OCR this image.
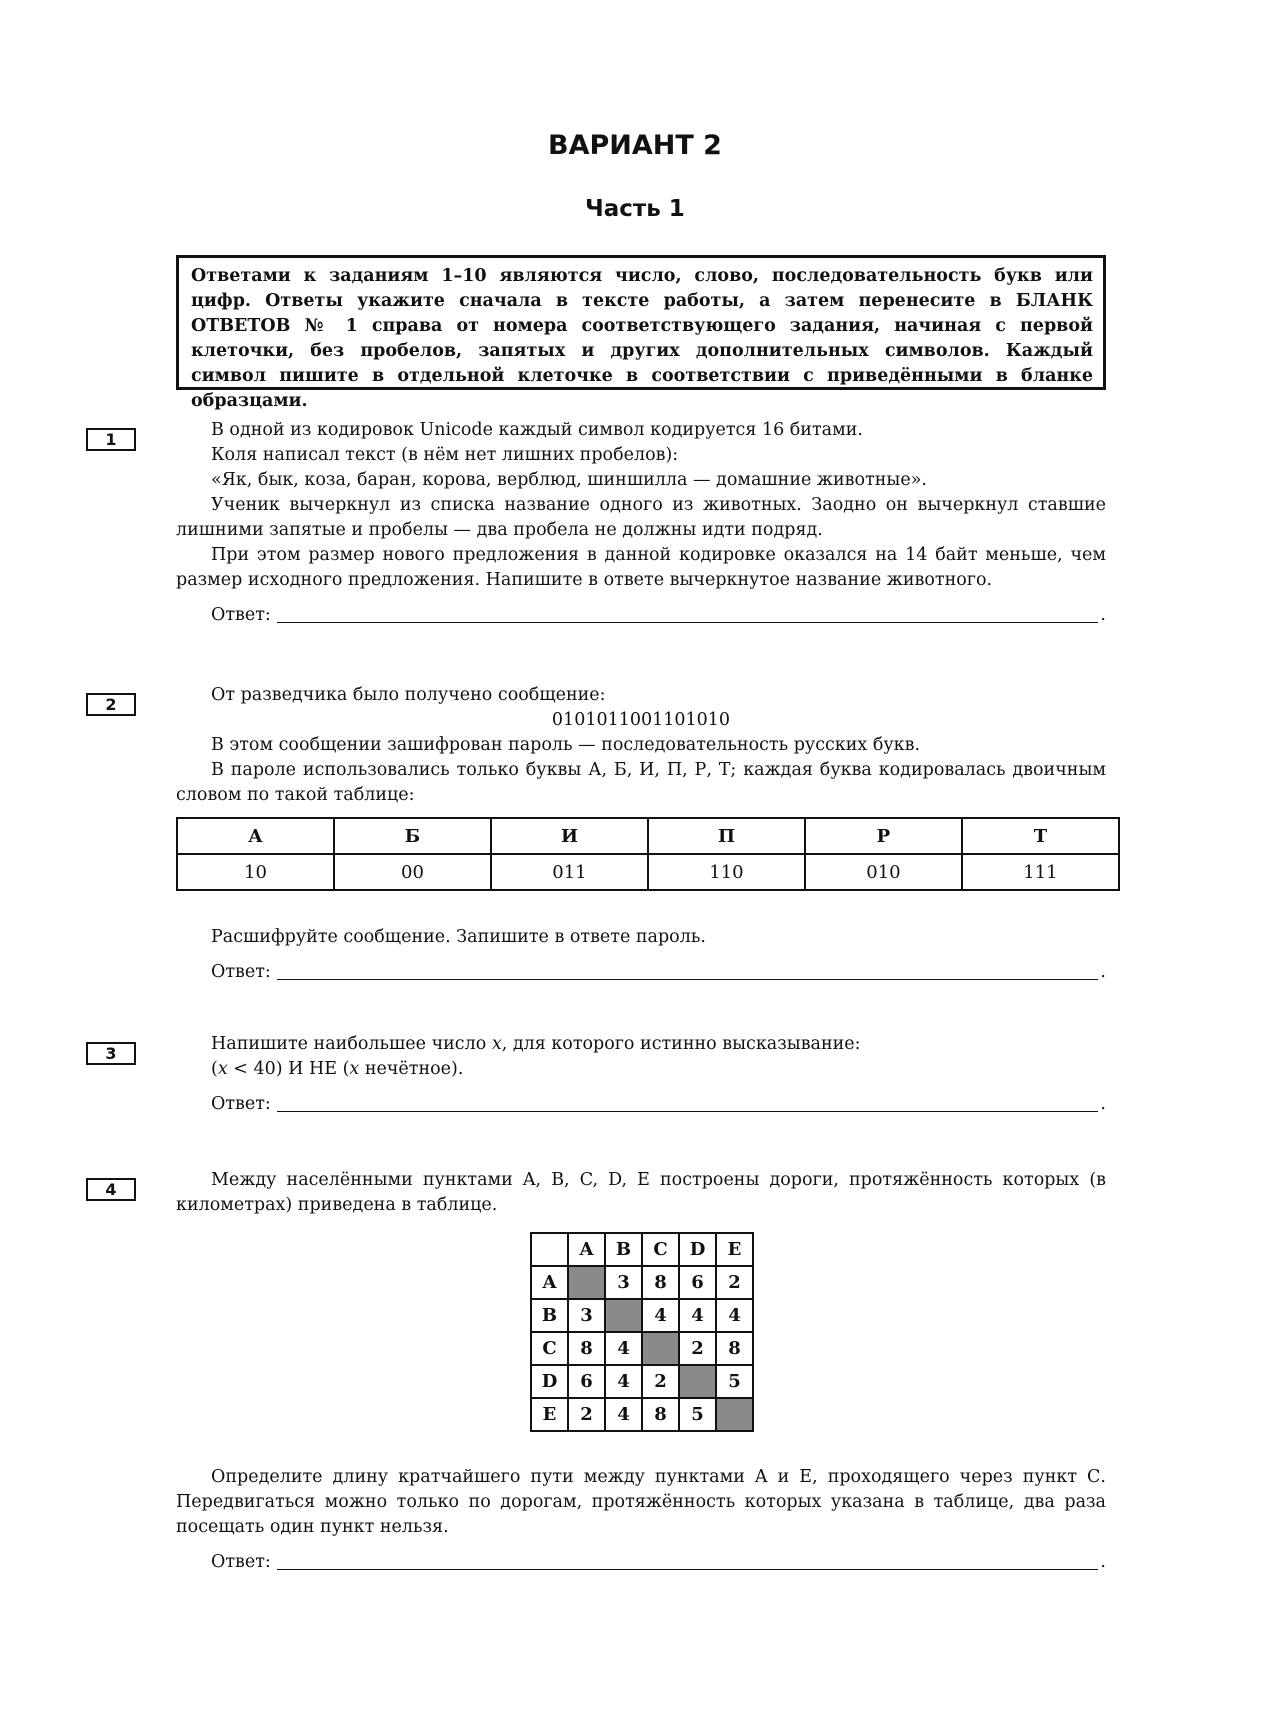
ВАРИАНТ 2
Часть 1
Ответами к заданиям 1–10 являются число, слово, последовательность букв или цифр. Ответы укажите сначала в тексте работы, а затем перенесите в БЛАНК ОТВЕТОВ № 1 справа от номера соответствующего задания, начиная с первой клеточки, без пробелов, запятых и других дополнительных символов. Каждый символ пишите в отдельной клеточке в соответствии с приведёнными в бланке образцами.
1	В одной из кодировок Unicode каждый символ кодируется 16 битами.

Коля написал текст (в нём нет лишних пробелов):

«Як, бык, коза, баран, корова, верблюд, шиншилла — домашние животные».

Ученик вычеркнул из списка название одного из животных. Заодно он вычеркнул ставшие лишними запятые и пробелы — два пробела не должны идти подряд.

При этом размер нового предложения в данной кодировке оказался на 14 байт меньше, чем размер исходного предложения. Напишите в ответе вычеркнутое название животного.

Ответ:	.
2	От разведчика было получено сообщение:

0101011001101010

В этом сообщении зашифрован пароль — последовательность русских букв.

В пароле использовались только буквы А, Б, И, П, Р, Т; каждая буква кодировалась двоичным словом по такой таблице:

А	Б	И	П	Р	Т
10	00	011	110	010	111

Расшифруйте сообщение. Запишите в ответе пароль.

Ответ:	.
3	Напишите наибольшее число x, для которого истинно высказывание:

(x < 40) И НЕ (x нечётное).

Ответ:	.
4	Между населёнными пунктами A, B, C, D, E построены дороги, протяжённость которых (в километрах) приведена в таблице.

	A	B	C	D	E
A		3	8	6	2
B	3		4	4	4
C	8	4		2	8
D	6	4	2		5
E	2	4	8	5	

Определите длину кратчайшего пути между пунктами A и E, проходящего через пункт С. Передвигаться можно только по дорогам, протяжённость которых указана в таблице, два раза посещать один пункт нельзя.

Ответ:	.
